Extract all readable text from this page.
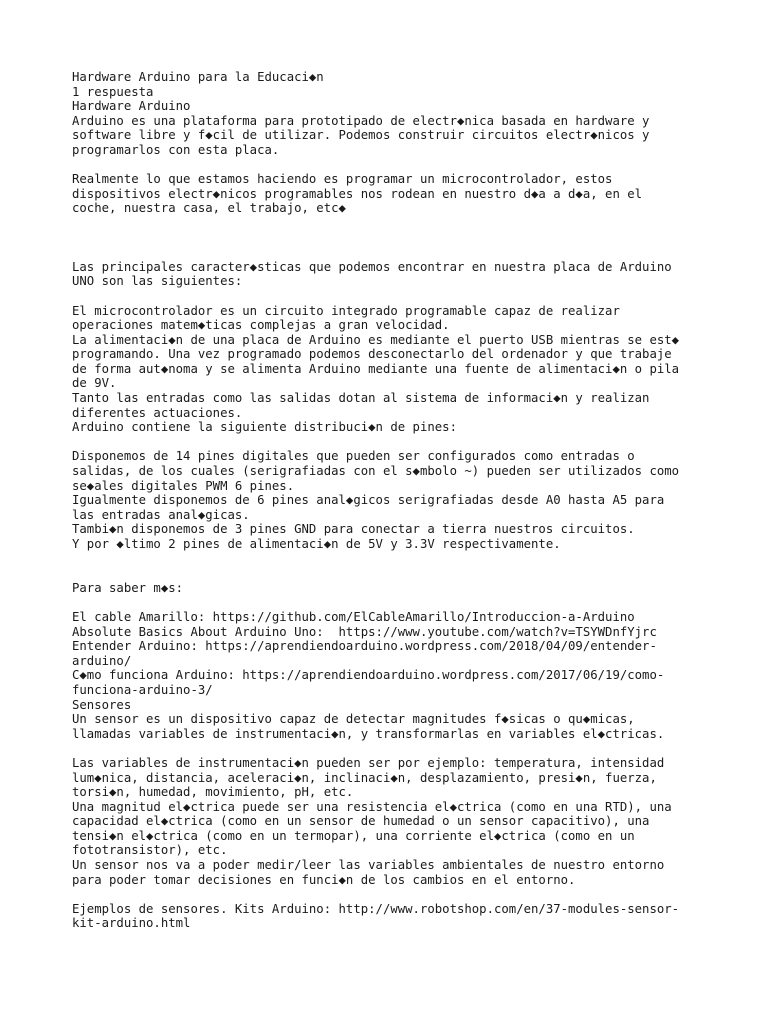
Hardware Arduino para la Educaci◆n
1 respuesta
Hardware Arduino
Arduino es una plataforma para prototipado de electr◆nica basada en hardware y
software libre y f◆cil de utilizar. Podemos construir circuitos electr◆nicos y
programarlos con esta placa.
Realmente lo que estamos haciendo es programar un microcontrolador, estos
dispositivos electr◆nicos programables nos rodean en nuestro d◆a a d◆a, en el
coche, nuestra casa, el trabajo, etc◆
Las principales caracter◆sticas que podemos encontrar en nuestra placa de Arduino
UNO son las siguientes:
El microcontrolador es un circuito integrado programable capaz de realizar
operaciones matem◆ticas complejas a gran velocidad.
La alimentaci◆n de una placa de Arduino es mediante el puerto USB mientras se est◆
programando. Una vez programado podemos desconectarlo del ordenador y que trabaje
de forma aut◆noma y se alimenta Arduino mediante una fuente de alimentaci◆n o pila
de 9V.
Tanto las entradas como las salidas dotan al sistema de informaci◆n y realizan
diferentes actuaciones.
Arduino contiene la siguiente distribuci◆n de pines:
Disponemos de 14 pines digitales que pueden ser configurados como entradas o
salidas, de los cuales (serigrafiadas con el s◆mbolo ~) pueden ser utilizados como
se◆ales digitales PWM 6 pines.
Igualmente disponemos de 6 pines anal◆gicos serigrafiadas desde A0 hasta A5 para
las entradas anal◆gicas.
Tambi◆n disponemos de 3 pines GND para conectar a tierra nuestros circuitos.
Y por ◆ltimo 2 pines de alimentaci◆n de 5V y 3.3V respectivamente.
Para saber m◆s:
El cable Amarillo: https://github.com/ElCableAmarillo/Introduccion-a-Arduino
Absolute Basics About Arduino Uno:  https://www.youtube.com/watch?v=TSYWDnfYjrc
Entender Arduino: https://aprendiendoarduino.wordpress.com/2018/04/09/entender-
arduino/
C◆mo funciona Arduino: https://aprendiendoarduino.wordpress.com/2017/06/19/como-
funciona-arduino-3/
Sensores
Un sensor es un dispositivo capaz de detectar magnitudes f◆sicas o qu◆micas,
llamadas variables de instrumentaci◆n, y transformarlas en variables el◆ctricas.
Las variables de instrumentaci◆n pueden ser por ejemplo: temperatura, intensidad
lum◆nica, distancia, aceleraci◆n, inclinaci◆n, desplazamiento, presi◆n, fuerza,
torsi◆n, humedad, movimiento, pH, etc.
Una magnitud el◆ctrica puede ser una resistencia el◆ctrica (como en una RTD), una
capacidad el◆ctrica (como en un sensor de humedad o un sensor capacitivo), una
tensi◆n el◆ctrica (como en un termopar), una corriente el◆ctrica (como en un
fototransistor), etc.
Un sensor nos va a poder medir/leer las variables ambientales de nuestro entorno
para poder tomar decisiones en funci◆n de los cambios en el entorno.
Ejemplos de sensores. Kits Arduino: http://www.robotshop.com/en/37-modules-sensor-
kit-arduino.html
